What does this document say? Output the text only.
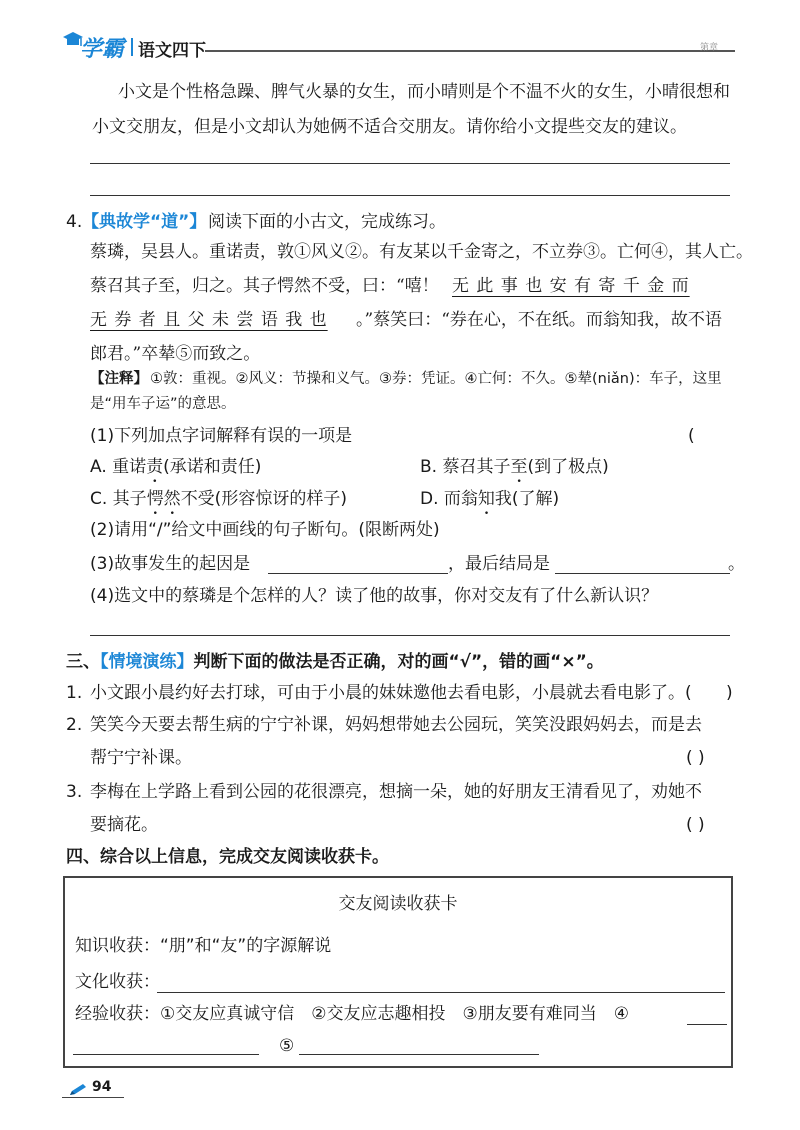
学霸 语文四下	第章
小文是个性格急躁、脾气火暴的女生，而小晴则是个不温不火的女生，小晴很想和
小文交朋友，但是小文却认为她俩不适合交朋友。请你给小文提些交友的建议。
4. 【典故学“道”】 阅读下面的小古文，完成练习。
蔡璘，吴县人。重诺责，敦①风义②。有友某以千金寄之，不立券③。亡何④，其人亡。
蔡召其子至，归之。其子愕然不受，曰：“嘻！ 无 此 事 也 安 有 寄 千 金 而
无 券 者 且 父 未 尝 语 我 也 。”蔡笑曰：“券在心，不在纸。而翁知我，故不语
郎君。”卒辇⑤而致之。
【注释】 ①敦：重视。②风义：节操和义气。③券：凭证。④亡何：不久。⑤辇(niǎn)：车子，这里
是“用车子运”的意思。
(1)下列加点字词解释有误的一项是	(
A. 重诺责(承诺和责任)	B. 蔡召其子至(到了极点)
C. 其子愕然不受(形容惊讶的样子)	D. 而翁知我(了解)
(2)请用“/”给文中画线的句子断句。(限断两处)
(3)故事发生的起因是	，最后结局是	。
(4)选文中的蔡璘是个怎样的人？读了他的故事，你对交友有了什么新认识？
三、【情境演练】判断下面的做法是否正确，对的画“√”，错的画“×”。
1. 小文跟小晨约好去打球，可由于小晨的妹妹邀他去看电影，小晨就去看电影了。( )
2. 笑笑今天要去帮生病的宁宁补课，妈妈想带她去公园玩，笑笑没跟妈妈去，而是去
帮宁宁补课。	( )
3. 李梅在上学路上看到公园的花很漂亮，想摘一朵，她的好朋友王清看见了，劝她不
要摘花。	( )
四、综合以上信息，完成交友阅读收获卡。
交友阅读收获卡
知识收获：“朋”和“友”的字源解说
文化收获：
经验收获：①交友应真诚守信　②交友应志趣相投　③朋友要有难同当　④
⑤
94
